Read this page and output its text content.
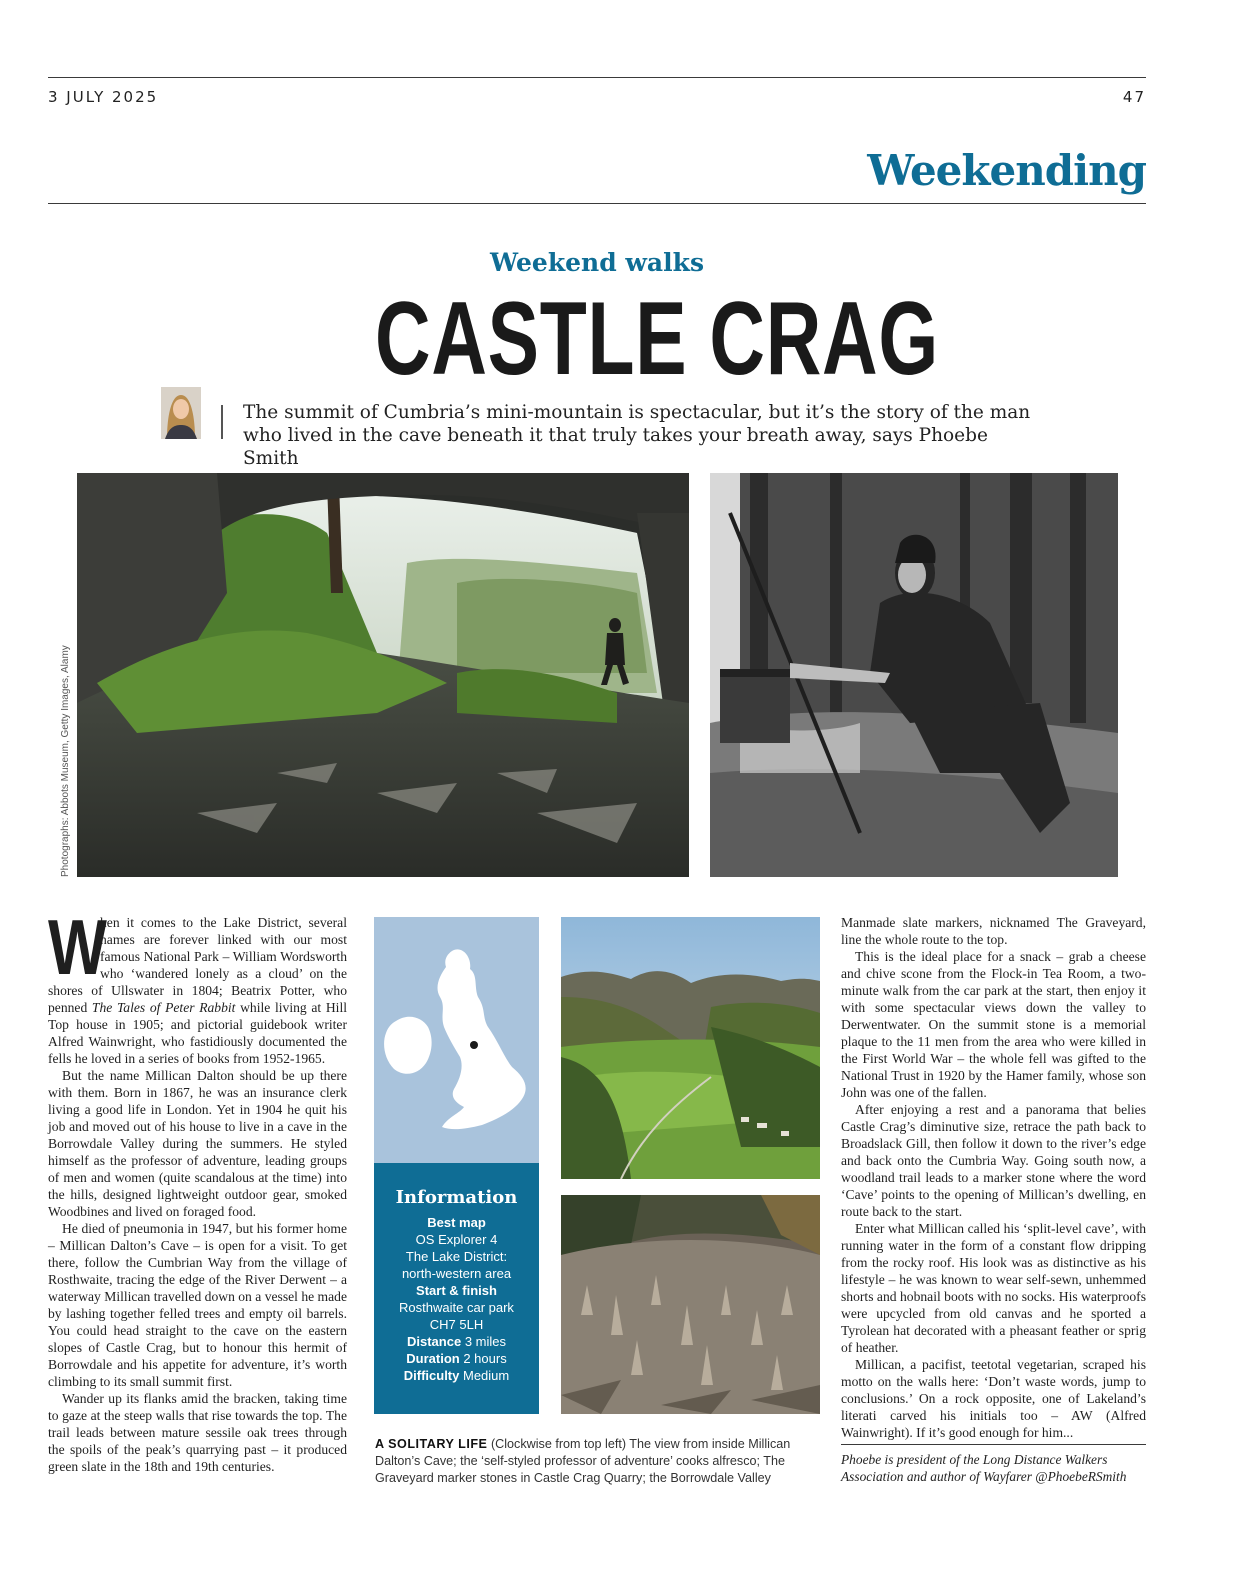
3 JULY 2025	47
Weekending
Weekend walks
CASTLE CRAG
The summit of Cumbria’s mini-mountain is spectacular, but it’s the story of the man who lived in the cave beneath it that truly takes your breath away, says Phoebe Smith
Photographs: Abbots Museum, Getty Images, Alamy

W
hen it comes to the Lake District, several names are forever linked with our most famous National Park – William Wordsworth who ‘wandered lonely as a cloud’ on the shores of Ullswater in 1804; Beatrix Potter, who penned The Tales of Peter Rabbit while living at Hill Top house in 1905; and pictorial guidebook writer Alfred Wainwright, who fastidiously documented the fells he loved in a series of books from 1952-1965.

But the name Millican Dalton should be up there with them. Born in 1867, he was an insurance clerk living a good life in London. Yet in 1904 he quit his job and moved out of his house to live in a cave in the Borrowdale Valley during the summers. He styled himself as the professor of adventure, leading groups of men and women (quite scandalous at the time) into the hills, designed lightweight outdoor gear, smoked Woodbines and lived on foraged food.

He died of pneumonia in 1947, but his former home – Millican Dalton’s Cave – is open for a visit. To get there, follow the Cumbrian Way from the village of Rosthwaite, tracing the edge of the River Derwent – a waterway Millican travelled down on a vessel he made by lashing together felled trees and empty oil barrels. You could head straight to the cave on the eastern slopes of Castle Crag, but to honour this hermit of Borrowdale and his appetite for adventure, it’s worth climbing to its small summit first.

Wander up its flanks amid the bracken, taking time to gaze at the steep walls that rise towards the top. The trail leads between mature sessile oak trees through the spoils of the peak’s quarrying past – it produced green slate in the 18th and 19th centuries.

Information
Best map
OS Explorer 4
The Lake District:
north-western area
Start & finish
Rosthwaite car park
CH7 5LH
Distance 3 miles
Duration 2 hours
Difficulty Medium
A SOLITARY LIFE (Clockwise from top left) The view from inside Millican Dalton’s Cave; the ‘self-styled professor of adventure’ cooks alfresco; The Graveyard marker stones in Castle Crag Quarry; the Borrowdale Valley

Manmade slate markers, nicknamed The Graveyard, line the whole route to the top.

This is the ideal place for a snack – grab a cheese and chive scone from the Flock-in Tea Room, a two-minute walk from the car park at the start, then enjoy it with some spectacular views down the valley to Derwentwater. On the summit stone is a memorial plaque to the 11 men from the area who were killed in the First World War – the whole fell was gifted to the National Trust in 1920 by the Hamer family, whose son John was one of the fallen.

After enjoying a rest and a panorama that belies Castle Crag’s diminutive size, retrace the path back to Broadslack Gill, then follow it down to the river’s edge and back onto the Cumbria Way. Going south now, a woodland trail leads to a marker stone where the word ‘Cave’ points to the opening of Millican’s dwelling, en route back to the start.

Enter what Millican called his ‘split-level cave’, with running water in the form of a constant flow dripping from the rocky roof. His look was as distinctive as his lifestyle – he was known to wear self-sewn, unhemmed shorts and hobnail boots with no socks. His waterproofs were upcycled from old canvas and he sported a Tyrolean hat decorated with a pheasant feather or sprig of heather.

Millican, a pacifist, teetotal vegetarian, scraped his motto on the walls here: ‘Don’t waste words, jump to conclusions.’ On a rock opposite, one of Lakeland’s literati carved his initials too – AW (Alfred Wainwright). If it’s good enough for him...

Phoebe is president of the Long Distance Walkers Association and author of Wayfarer @PhoebeRSmith
